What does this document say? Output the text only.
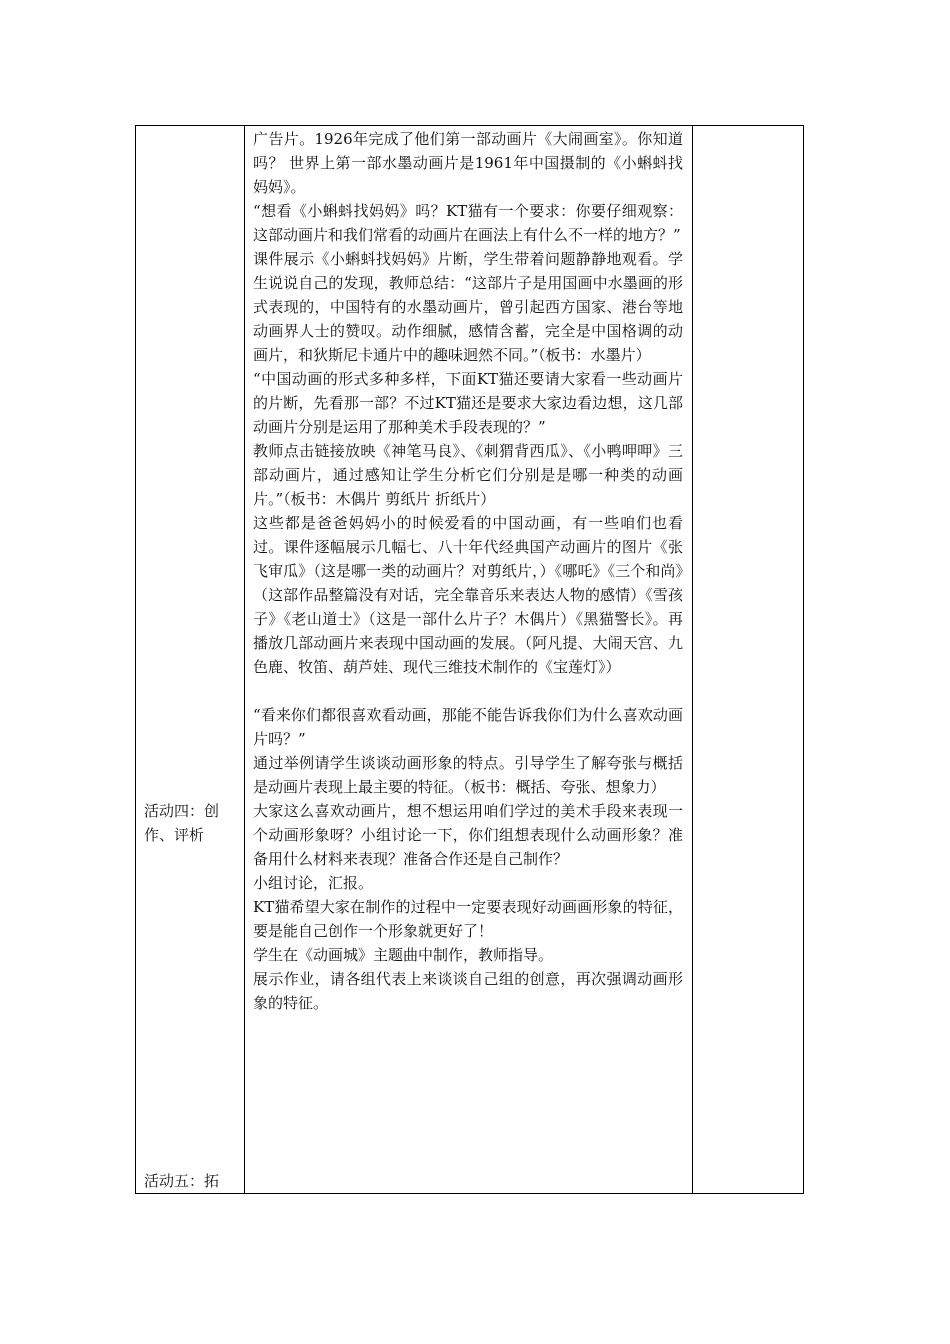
活动四：创作、评析
活动五：拓

广告片。1926年完成了他们第一部动画片《大闹画室》。你知道吗？ 世界上第一部水墨动画片是1961年中国摄制的《小蝌蚪找妈妈》。

“想看《小蝌蚪找妈妈》吗？KT猫有一个要求：你要仔细观察：这部动画片和我们常看的动画片在画法上有什么不一样的地方？”

课件展示《小蝌蚪找妈妈》片断，学生带着问题静静地观看。学生说说自己的发现，教师总结：“这部片子是用国画中水墨画的形式表现的，中国特有的水墨动画片，曾引起西方国家、港台等地动画界人士的赞叹。动作细腻，感情含蓄，完全是中国格调的动画片，和狄斯尼卡通片中的趣味迥然不同。”（板书：水墨片）

“中国动画的形式多种多样，下面KT猫还要请大家看一些动画片的片断，先看那一部？不过KT猫还是要求大家边看边想，这几部动画片分别是运用了那种美术手段表现的？”

教师点击链接放映《神笔马良》、《刺猬背西瓜》、《小鸭呷呷》三部动画片，通过感知让学生分析它们分别是是哪一种类的动画片。”（板书：木偶片 剪纸片 折纸片）

这些都是爸爸妈妈小的时候爱看的中国动画，有一些咱们也看过。课件逐幅展示几幅七、八十年代经典国产动画片的图片《张飞审瓜》（这是哪一类的动画片？对剪纸片，）《哪吒》《三个和尚》（这部作品整篇没有对话，完全靠音乐来表达人物的感情）《雪孩子》《老山道士》（这是一部什么片子？木偶片）《黑猫警长》。再播放几部动画片来表现中国动画的发展。（阿凡提、大闹天宫、九色鹿、牧笛、葫芦娃、现代三维技术制作的《宝莲灯》）

“看来你们都很喜欢看动画，那能不能告诉我你们为什么喜欢动画片吗？”

通过举例请学生谈谈动画形象的特点。引导学生了解夸张与概括是动画片表现上最主要的特征。（板书：概括、夸张、想象力）

大家这么喜欢动画片，想不想运用咱们学过的美术手段来表现一个动画形象呀？小组讨论一下，你们组想表现什么动画形象？准备用什么材料来表现？准备合作还是自己制作？

小组讨论，汇报。

KT猫希望大家在制作的过程中一定要表现好动画画形象的特征，要是能自己创作一个形象就更好了！

学生在《动画城》主题曲中制作，教师指导。

展示作业，请各组代表上来谈谈自己组的创意，再次强调动画形象的特征。
